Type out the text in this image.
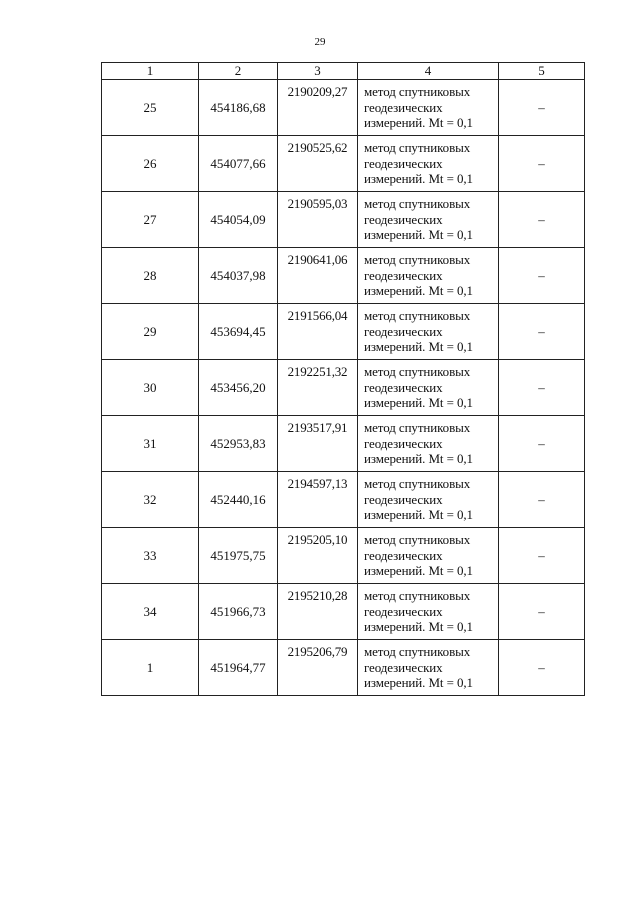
29
1	2	3	4	5
25	454186,68	2190209,27	метод спутниковых
геодезических
измерений. Mt = 0,1	–
26	454077,66	2190525,62	метод спутниковых
геодезических
измерений. Mt = 0,1	–
27	454054,09	2190595,03	метод спутниковых
геодезических
измерений. Mt = 0,1	–
28	454037,98	2190641,06	метод спутниковых
геодезических
измерений. Mt = 0,1	–
29	453694,45	2191566,04	метод спутниковых
геодезических
измерений. Mt = 0,1	–
30	453456,20	2192251,32	метод спутниковых
геодезических
измерений. Mt = 0,1	–
31	452953,83	2193517,91	метод спутниковых
геодезических
измерений. Mt = 0,1	–
32	452440,16	2194597,13	метод спутниковых
геодезических
измерений. Mt = 0,1	–
33	451975,75	2195205,10	метод спутниковых
геодезических
измерений. Mt = 0,1	–
34	451966,73	2195210,28	метод спутниковых
геодезических
измерений. Mt = 0,1	–
1	451964,77	2195206,79	метод спутниковых
геодезических
измерений. Mt = 0,1	–
